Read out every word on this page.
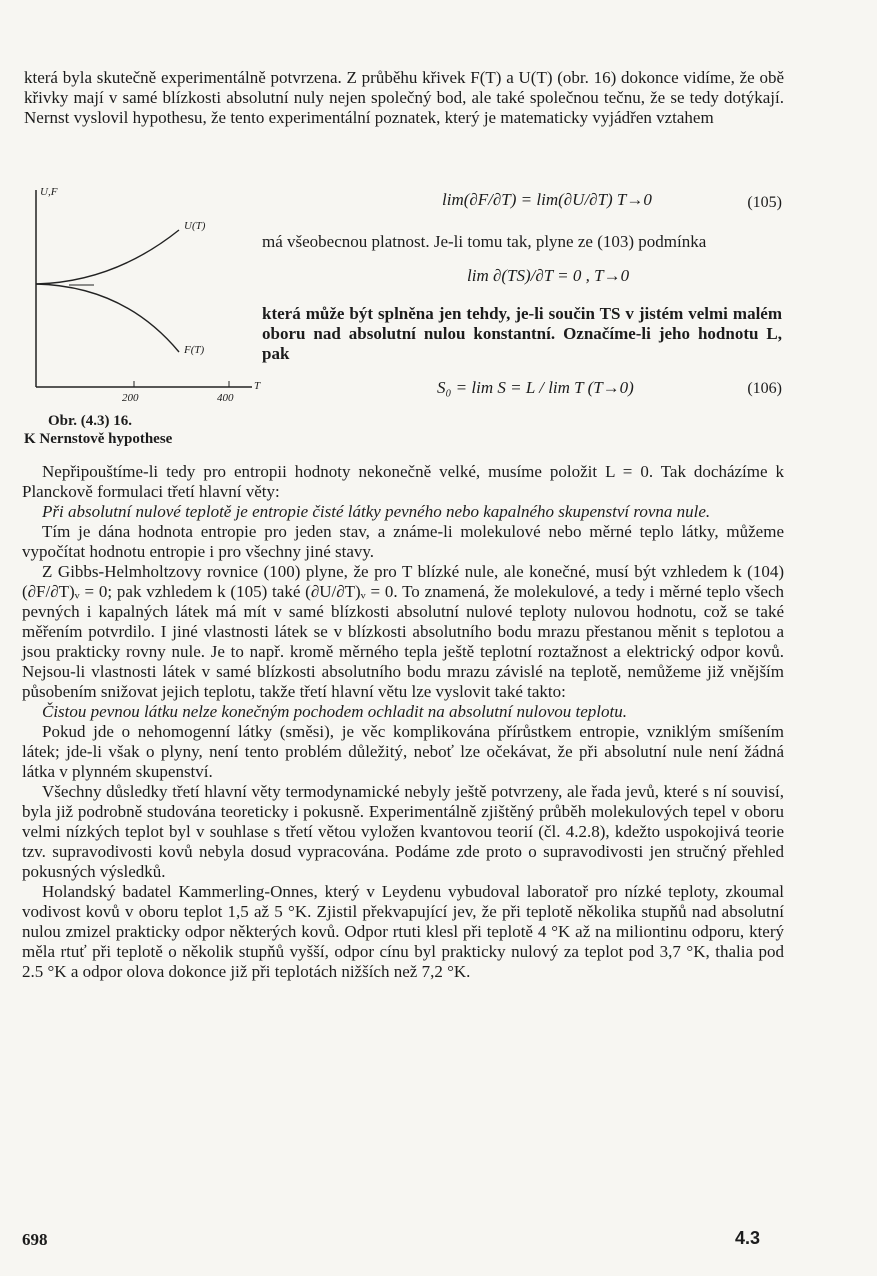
která byla skutečně experimentálně potvrzena. Z průběhu křivek F(T) a U(T) (obr. 16) dokonce vidíme, že obě křivky mají v samé blízkosti absolutní nuly nejen společný bod, ale také společnou tečnu, že se tedy dotýkají. Nernst vyslovil hypothesu, že tento experimentální poznatek, který je matematicky vyjádřen vztahem

U,F
U(T)
F(T)
T
200	400
Obr. (4.3) 16.
K Nernstově hypothese
lim(∂F/∂T) = lim(∂U/∂T) T→0	(105)

má všeobecnou platnost. Je-li tomu tak, plyne ze (103) podmínka

lim ∂(TS)/∂T = 0 , T→0

která může být splněna jen tehdy, je-li součin TS v jistém velmi malém oboru nad absolutní nulou konstantní. Označíme-li jeho hodnotu L, pak

S₀ = lim S = L / lim T (T→0)	(106)

Nepřipouštíme-li tedy pro entropii hodnoty nekonečně velké, musíme položit L = 0. Tak docházíme k Planckově formulaci třetí hlavní věty:

Při absolutní nulové teplotě je entropie čisté látky pevného nebo kapalného skupenství rovna nule.

Tím je dána hodnota entropie pro jeden stav, a známe-li molekulové nebo měrné teplo látky, můžeme vypočítat hodnotu entropie i pro všechny jiné stavy.

Z Gibbs-Helmholtzovy rovnice (100) plyne, že pro T blízké nule, ale konečné, musí být vzhledem k (104) (∂F/∂T)ᵥ = 0; pak vzhledem k (105) také (∂U/∂T)ᵥ = 0. To znamená, že molekulové, a tedy i měrné teplo všech pevných i kapalných látek má mít v samé blízkosti absolutní nulové teploty nulovou hodnotu, což se také měřením potvrdilo. I jiné vlastnosti látek se v blízkosti absolutního bodu mrazu přestanou měnit s teplotou a jsou prakticky rovny nule. Je to např. kromě měrného tepla ještě teplotní roztažnost a elektrický odpor kovů. Nejsou-li vlastnosti látek v samé blízkosti absolutního bodu mrazu závislé na teplotě, nemůžeme již vnějším působením snižovat jejich teplotu, takže třetí hlavní větu lze vyslovit také takto:

Čistou pevnou látku nelze konečným pochodem ochladit na absolutní nulovou teplotu.

Pokud jde o nehomogenní látky (směsi), je věc komplikována přírůstkem entropie, vzniklým smíšením látek; jde-li však o plyny, není tento problém důležitý, neboť lze očekávat, že při absolutní nule není žádná látka v plynném skupenství.

Všechny důsledky třetí hlavní věty termodynamické nebyly ještě potvrzeny, ale řada jevů, které s ní souvisí, byla již podrobně studována teoreticky i pokusně. Experimentálně zjištěný průběh molekulových tepel v oboru velmi nízkých teplot byl v souhlase s třetí větou vyložen kvantovou teorií (čl. 4.2.8), kdežto uspokojivá teorie tzv. supravodivosti kovů nebyla dosud vypracována. Podáme zde proto o supravodivosti jen stručný přehled pokusných výsledků.

Holandský badatel Kammerling-Onnes, který v Leydenu vybudoval laboratoř pro nízké teploty, zkoumal vodivost kovů v oboru teplot 1,5 až 5 °K. Zjistil překvapující jev, že při teplotě několika stupňů nad absolutní nulou zmizel prakticky odpor některých kovů. Odpor rtuti klesl při teplotě 4 °K až na miliontinu odporu, který měla rtuť při teplotě o několik stupňů vyšší, odpor cínu byl prakticky nulový za teplot pod 3,7 °K, thalia pod 2.5 °K a odpor olova dokonce již při teplotách nižších než 7,2 °K.

698	4.3
